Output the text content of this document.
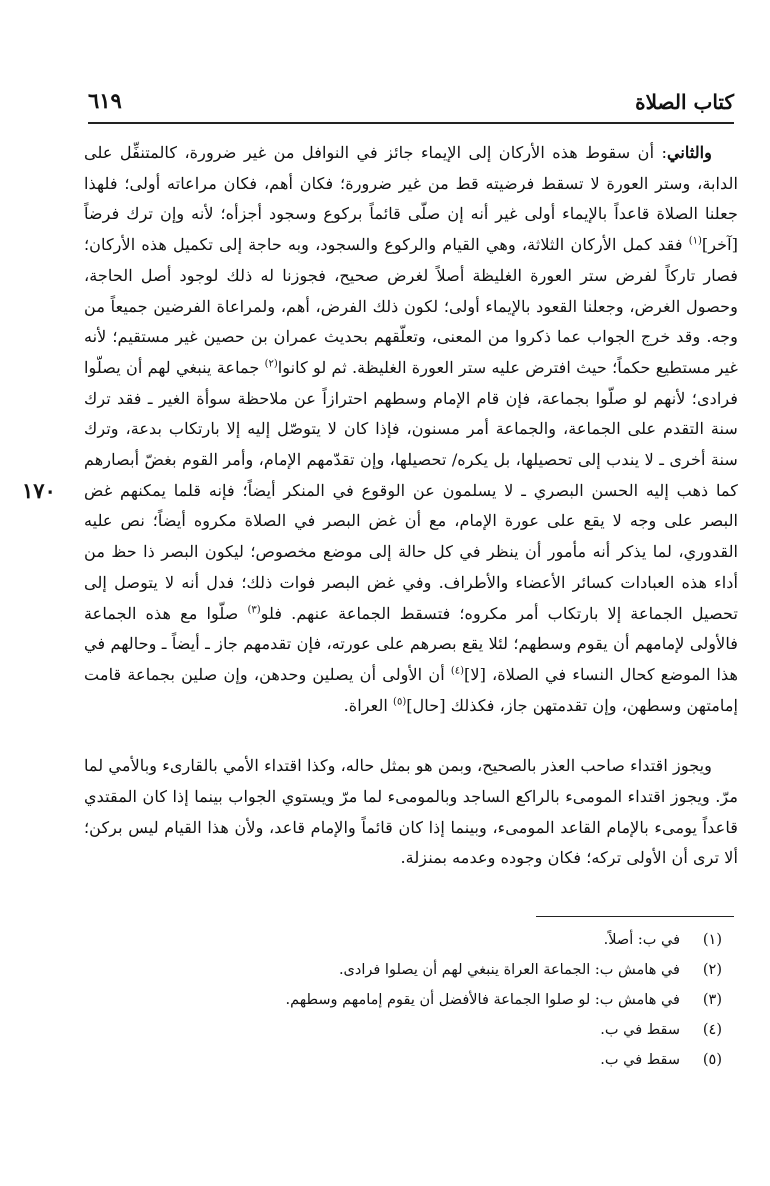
كتاب الصلاة
٦١٩
١٧٠

والثاني: أن سقوط هذه الأركان إلى الإيماء جائز في النوافل من غير ضرورة، كالمتنفِّل على الدابة، وستر العورة لا تسقط فرضيته قط من غير ضرورة؛ فكان أهم، فكان مراعاته أولى؛ فلهذا جعلنا الصلاة قاعداً بالإيماء أولى غير أنه إن صلّى قائماً بركوع وسجود أجزأه؛ لأنه وإن ترك فرضاً [آخر]$^{(١)}$ فقد كمل الأركان الثلاثة، وهي القيام والركوع والسجود، وبه حاجة إلى تكميل هذه الأركان؛ فصار تاركاً لفرض ستر العورة الغليظة أصلاً لغرض صحيح، فجوزنا له ذلك لوجود أصل الحاجة، وحصول الغرض، وجعلنا القعود بالإيماء أولى؛ لكون ذلك الفرض، أهم، ولمراعاة الفرضين جميعاً من وجه. وقد خرج الجواب عما ذكروا من المعنى، وتعلّقهم بحديث عمران بن حصين غير مستقيم؛ لأنه غير مستطيع حكماً؛ حيث افترض عليه ستر العورة الغليظة. ثم لو كانوا$^{(٢)}$ جماعة ينبغي لهم أن يصلّوا فرادى؛ لأنهم لو صلّوا بجماعة، فإن قام الإمام وسطهم احترازاً عن ملاحظة سوأة الغير ـ فقد ترك سنة التقدم على الجماعة، والجماعة أمر مسنون، فإذا كان لا يتوصّل إليه إلا بارتكاب بدعة، وترك سنة أخرى ـ لا يندب إلى تحصيلها، بل يكره/ تحصيلها، وإن تقدّمهم الإمام، وأمر القوم بغضّ أبصارهم كما ذهب إليه الحسن البصري ـ لا يسلمون عن الوقوع في المنكر أيضاً؛ فإنه قلما يمكنهم غض البصر على وجه لا يقع على عورة الإمام، مع أن غض البصر في الصلاة مكروه أيضاً؛ نص عليه القدوري، لما يذكر أنه مأمور أن ينظر في كل حالة إلى موضع مخصوص؛ ليكون البصر ذا حظ من أداء هذه العبادات كسائر الأعضاء والأطراف. وفي غض البصر فوات ذلك؛ فدل أنه لا يتوصل إلى تحصيل الجماعة إلا بارتكاب أمر مكروه؛ فتسقط الجماعة عنهم. فلو$^{(٣)}$ صلّوا مع هذه الجماعة فالأولى لإمامهم أن يقوم وسطهم؛ لئلا يقع بصرهم على عورته، فإن تقدمهم جاز ـ أيضاً ـ وحالهم في هذا الموضع كحال النساء في الصلاة، [لا]$^{(٤)}$ أن الأولى أن يصلين وحدهن، وإن صلين بجماعة قامت إمامتهن وسطهن، وإن تقدمتهن جاز، فكذلك [حال]$^{(٥)}$ العراة.

ويجوز اقتداء صاحب العذر بالصحيح، وبمن هو بمثل حاله، وكذا اقتداء الأمي بالقارىء وبالأمي لما مرّ. ويجوز اقتداء المومىء بالراكع الساجد وبالمومىء لما مرّ ويستوي الجواب بينما إذا كان المقتدي قاعداً يومىء بالإمام القاعد المومىء، وبينما إذا كان قائماً والإمام قاعد، ولأن هذا القيام ليس بركن؛ ألا ترى أن الأولى تركه؛ فكان وجوده وعدمه بمنزلة.

(١)
في ب: أصلاً.
(٢)
في هامش ب: الجماعة العراة ينبغي لهم أن يصلوا فرادى.
(٣)
في هامش ب: لو صلوا الجماعة فالأفضل أن يقوم إمامهم وسطهم.
(٤)
سقط في ب.
(٥)
سقط في ب.
